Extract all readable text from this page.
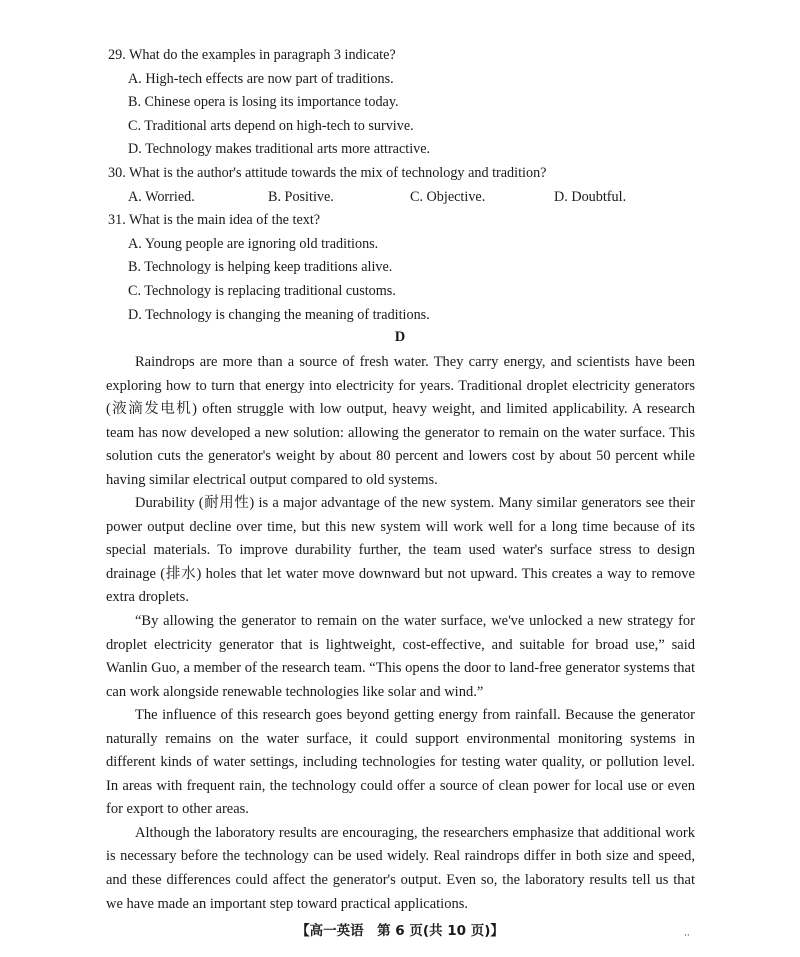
29. What do the examples in paragraph 3 indicate?
A. High-tech effects are now part of traditions.
B. Chinese opera is losing its importance today.
C. Traditional arts depend on high-tech to survive.
D. Technology makes traditional arts more attractive.
30. What is the author's attitude towards the mix of technology and tradition?
A. Worried.	B. Positive.	C. Objective.	D. Doubtful.
31. What is the main idea of the text?
A. Young people are ignoring old traditions.
B. Technology is helping keep traditions alive.
C. Technology is replacing traditional customs.
D. Technology is changing the meaning of traditions.
D

Raindrops are more than a source of fresh water. They carry energy, and scientists have been exploring how to turn that energy into electricity for years. Traditional droplet electricity generators (液滴发电机) often struggle with low output, heavy weight, and limited applicability. A research team has now developed a new solution: allowing the generator to remain on the water surface. This solution cuts the generator's weight by about 80 percent and lowers cost by about 50 percent while having similar electrical output compared to old systems.

Durability (耐用性) is a major advantage of the new system. Many similar generators see their power output decline over time, but this new system will work well for a long time because of its special materials. To improve durability further, the team used water's surface stress to design drainage (排水) holes that let water move downward but not upward. This creates a way to remove extra droplets.

“By allowing the generator to remain on the water surface, we've unlocked a new strategy for droplet electricity generator that is lightweight, cost-effective, and suitable for broad use,” said Wanlin Guo, a member of the research team. “This opens the door to land-free generator systems that can work alongside renewable technologies like solar and wind.”

The influence of this research goes beyond getting energy from rainfall. Because the generator naturally remains on the water surface, it could support environmental monitoring systems in different kinds of water settings, including technologies for testing water quality, or pollution level. In areas with frequent rain, the technology could offer a source of clean power for local use or even for export to other areas.

Although the laboratory results are encouraging, the researchers emphasize that additional work is necessary before the technology can be used widely. Real raindrops differ in both size and speed, and these differences could affect the generator's output. Even so, the laboratory results tell us that we have made an important step toward practical applications.

【高一英语　第 6 页(共 10 页)】	··
